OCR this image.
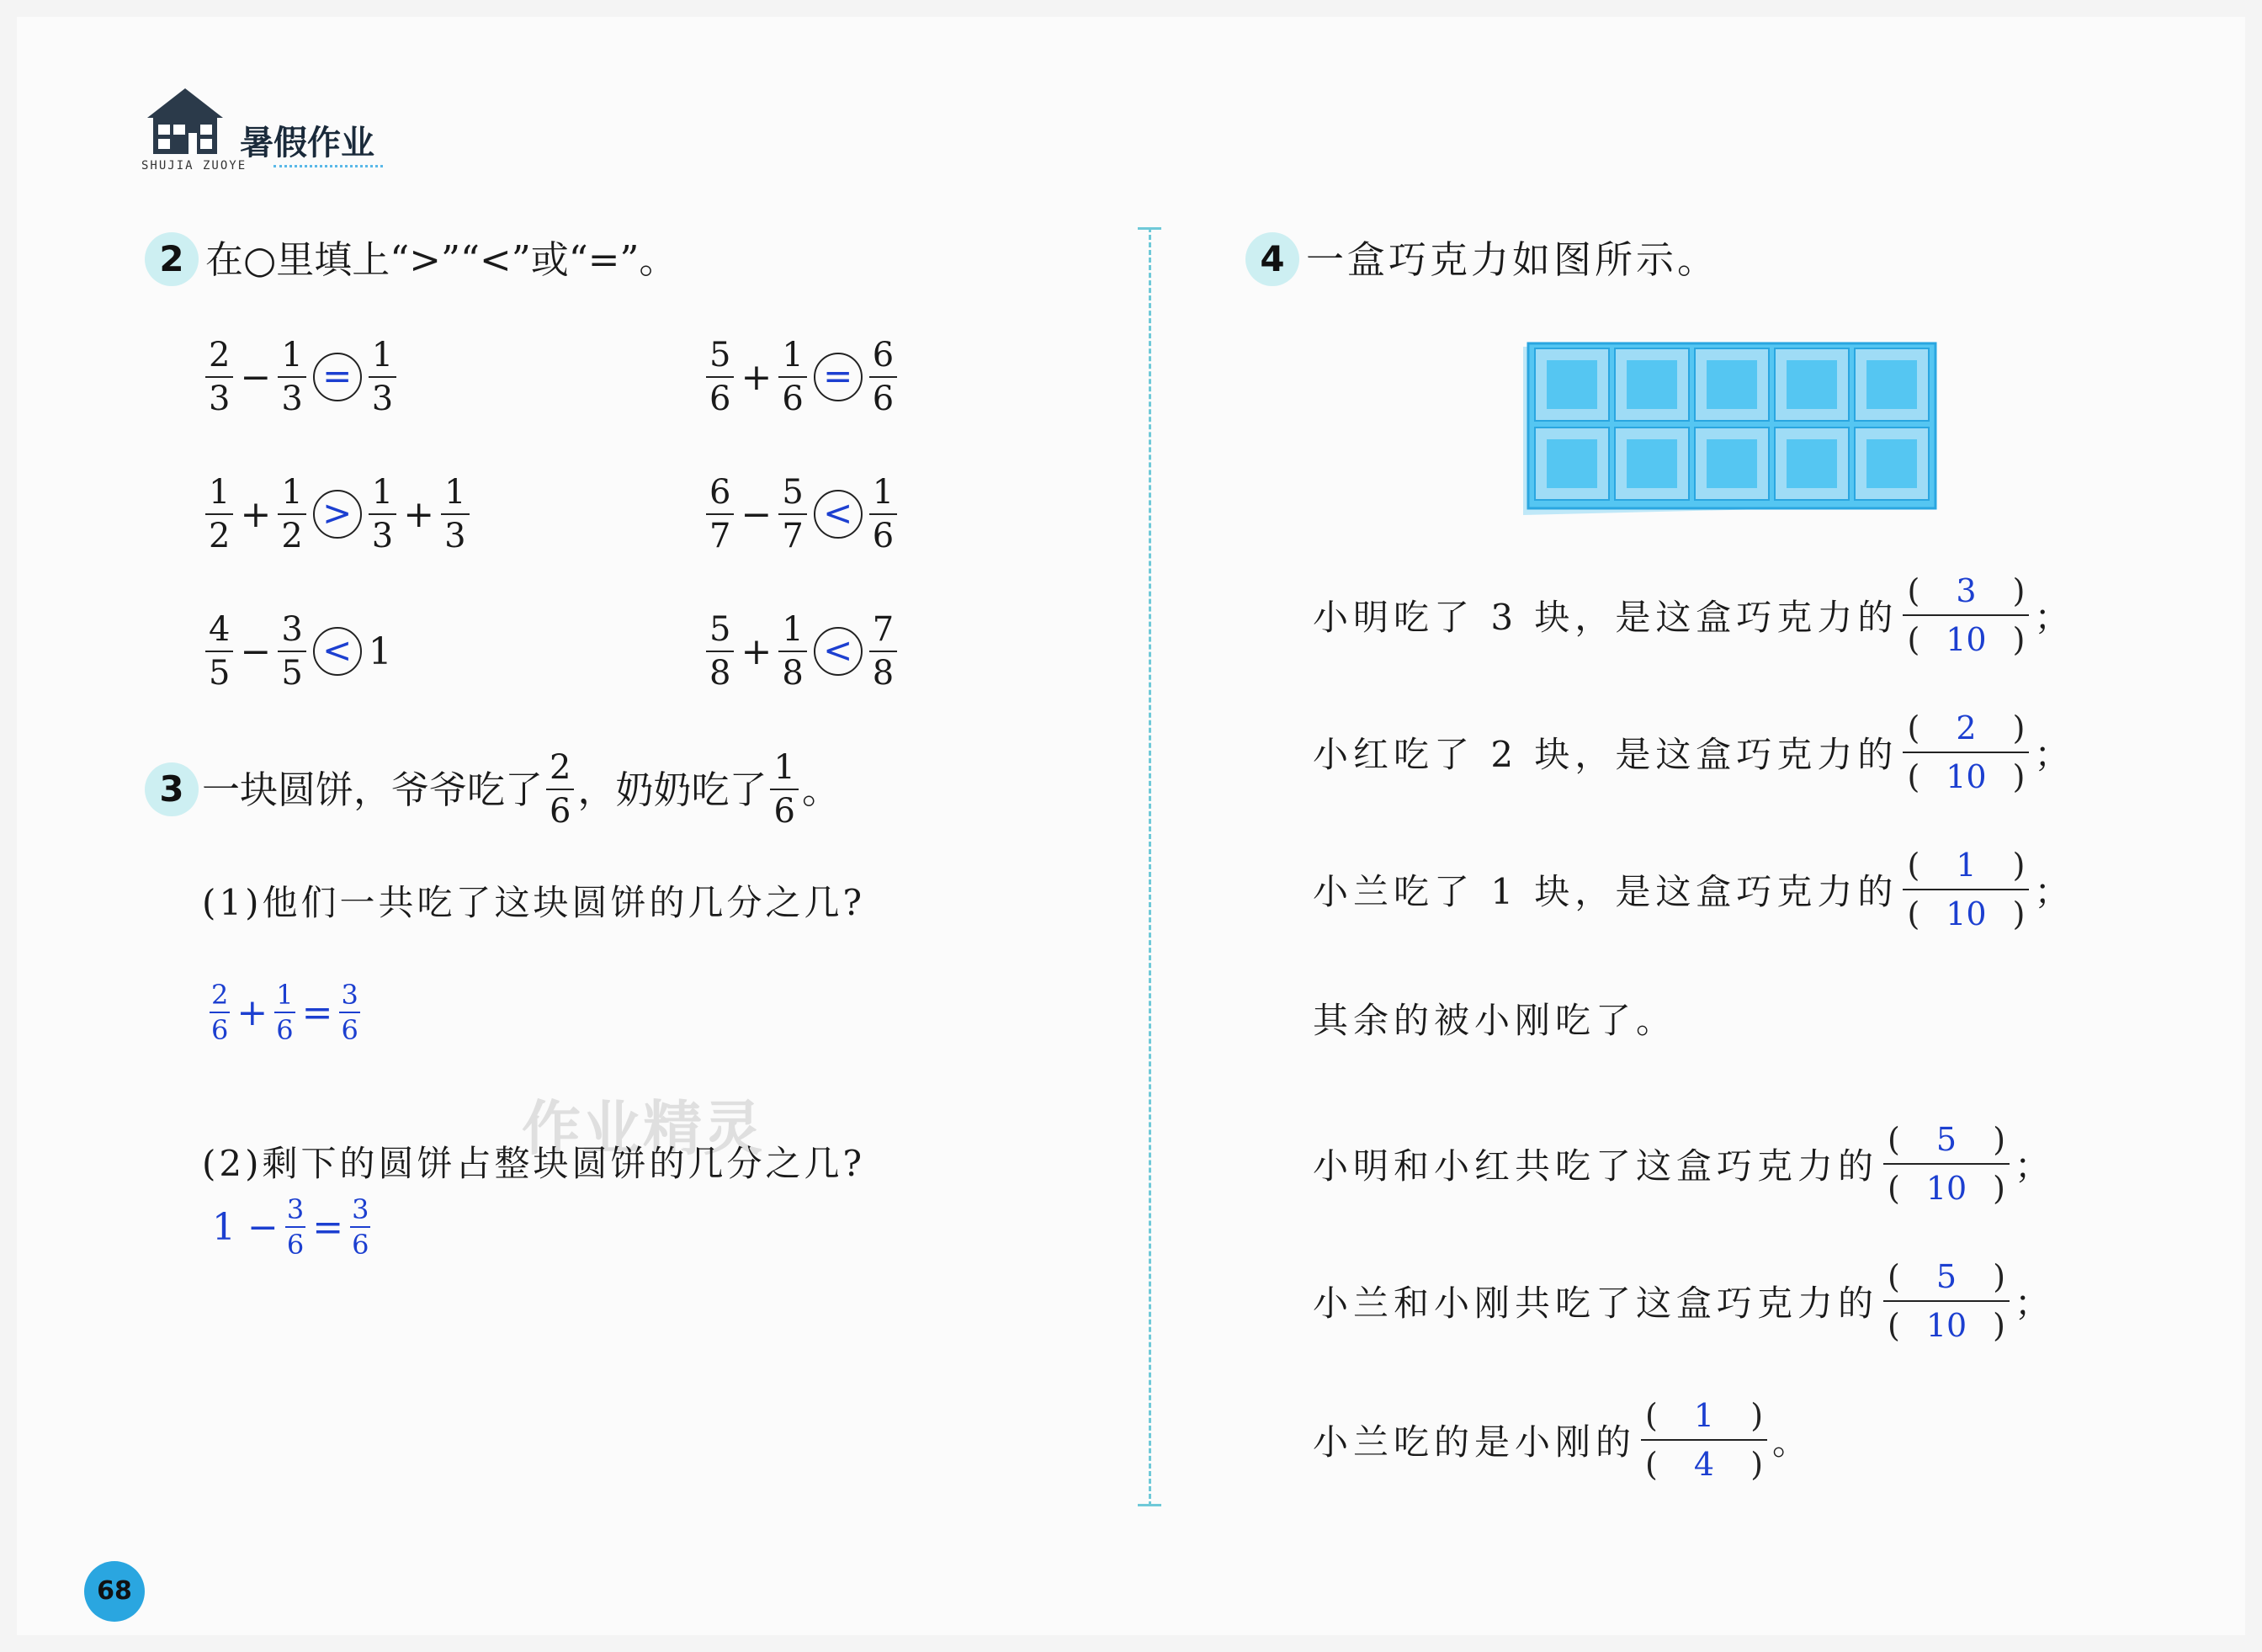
暑假作业
SHUJIA ZUOYE
2 在○里填上“>”“<”或“=”。
$\frac{2}{3} - \frac{1}{3} = \frac{1}{3}$	$\frac{5}{6} + \frac{1}{6} = \frac{6}{6}$
$\frac{1}{2} + \frac{1}{2} > \frac{1}{3} + \frac{1}{3}$	$\frac{6}{7} - \frac{5}{7} < \frac{1}{6}$
$\frac{4}{5} - \frac{3}{5} < 1$	$\frac{5}{8} + \frac{1}{8} < \frac{7}{8}$
3 一块圆饼，爷爷吃了 $\frac{2}{6}$ ，奶奶吃了 $\frac{1}{6}$ 。
(1)他们一共吃了这块圆饼的几分之几?
$\frac{2}{6} + \frac{1}{6} = \frac{3}{6}$
作业精灵
(2)剩下的圆饼占整块圆饼的几分之几?
$1 - \frac{3}{6} = \frac{3}{6}$
4 一盒巧克力如图所示。
小明吃了 3 块，是这盒巧克力的
( 3 )
( 10 )
；
小红吃了 2 块，是这盒巧克力的
( 2 )
( 10 )
；
小兰吃了 1 块，是这盒巧克力的
( 1 )
( 10 )
；
其余的被小刚吃了。
小明和小红共吃了这盒巧克力的
( 5 )
( 10 )
；
小兰和小刚共吃了这盒巧克力的
( 5 )
( 10 )
；
小兰吃的是小刚的
( 1 )
( 4 )
。
68
